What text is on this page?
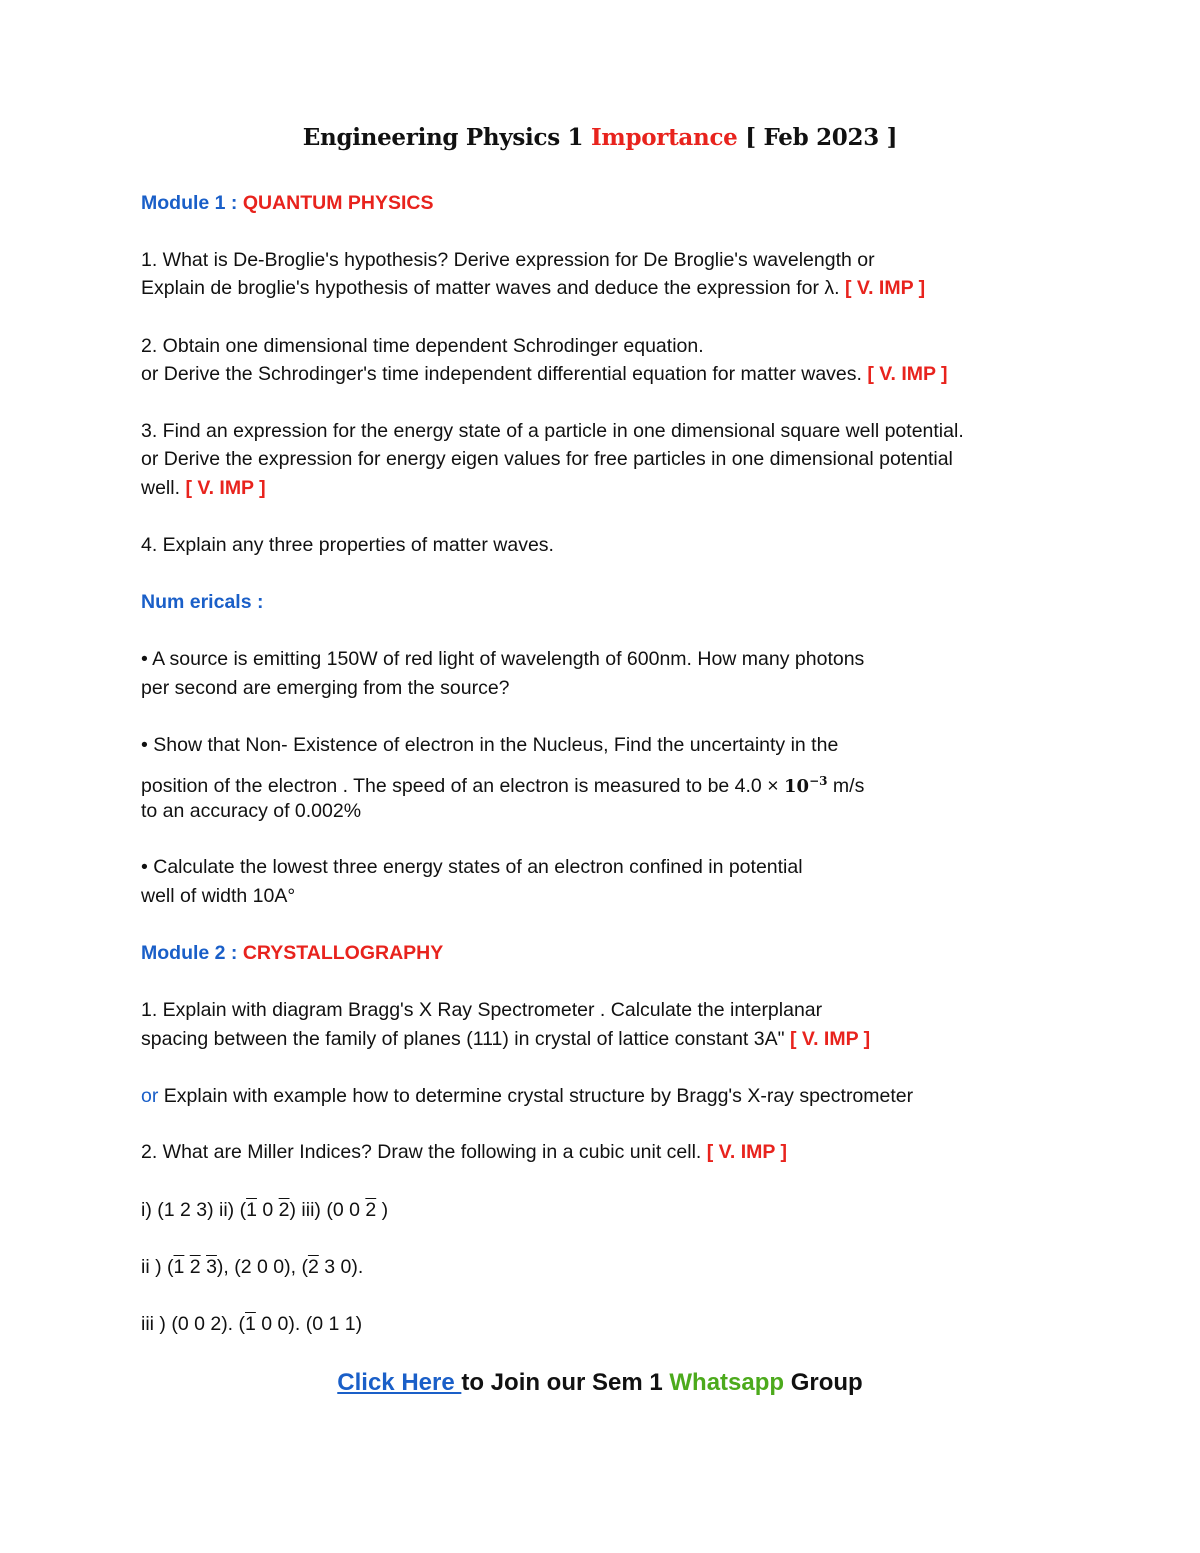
Engineering Physics 1 Importance [ Feb 2023 ]
Module 1 : QUANTUM PHYSICS
1. What is De-Broglie's hypothesis? Derive expression for De Broglie's wavelength or
Explain de broglie's hypothesis of matter waves and deduce the expression for λ. [ V. IMP ]
2. Obtain one dimensional time dependent Schrodinger equation.
or Derive the Schrodinger's time independent differential equation for matter waves. [ V. IMP ]
3. Find an expression for the energy state of a particle in one dimensional square well potential.
or Derive the expression for energy eigen values for free particles in one dimensional potential
well. [ V. IMP ]
4. Explain any three properties of matter waves.
Num ericals :
• A source is emitting 150W of red light of wavelength of 600nm. How many photons
per second are emerging from the source?
• Show that Non- Existence of electron in the Nucleus, Find the uncertainty in the
position of the electron . The speed of an electron is measured to be $4.0 \times 10^{-3}$ m/s
to an accuracy of 0.002%
• Calculate the lowest three energy states of an electron confined in potential
well of width 10A°
Module 2 : CRYSTALLOGRAPHY
1. Explain with diagram Bragg's X Ray Spectrometer . Calculate the interplanar
spacing between the family of planes (111) in crystal of lattice constant 3A" [ V. IMP ]
or Explain with example how to determine crystal structure by Bragg's X-ray spectrometer
2. What are Miller Indices? Draw the following in a cubic unit cell. [ V. IMP ]
i) (1 2 3) ii) (1 0 2) iii) (0 0 2 )
ii ) (1 2 3), (2 0 0), (2 3 0).
iii ) (0 0 2). (1 0 0). (0 1 1)
Click Here to Join our Sem 1 Whatsapp Group
